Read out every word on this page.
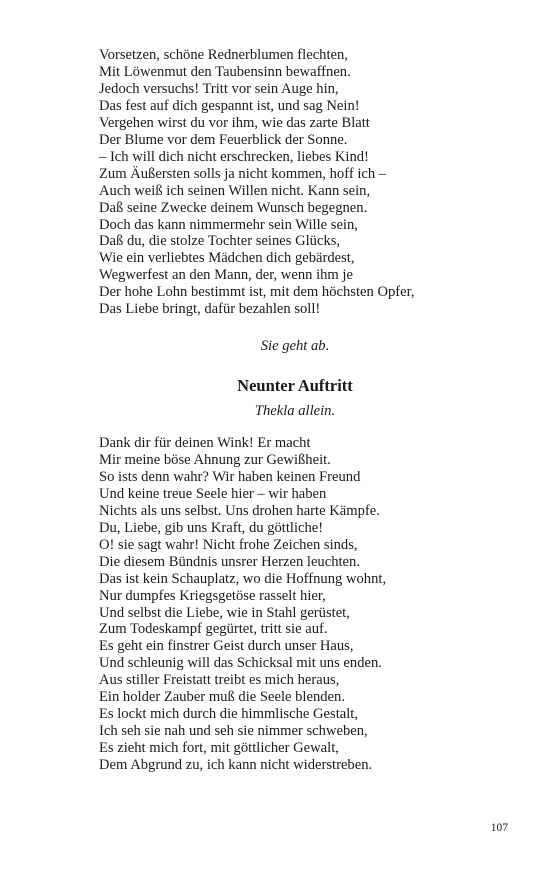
Vorsetzen, schöne Rednerblumen flechten,
Mit Löwenmut den Taubensinn bewaffnen.
Jedoch versuchs! Tritt vor sein Auge hin,
Das fest auf dich gespannt ist, und sag Nein!
Vergehen wirst du vor ihm, wie das zarte Blatt
Der Blume vor dem Feuerblick der Sonne.
– Ich will dich nicht erschrecken, liebes Kind!
Zum Äußersten solls ja nicht kommen, hoff ich –
Auch weiß ich seinen Willen nicht. Kann sein,
Daß seine Zwecke deinem Wunsch begegnen.
Doch das kann nimmermehr sein Wille sein,
Daß du, die stolze Tochter seines Glücks,
Wie ein verliebtes Mädchen dich gebärdest,
Wegwerfest an den Mann, der, wenn ihm je
Der hohe Lohn bestimmt ist, mit dem höchsten Opfer,
Das Liebe bringt, dafür bezahlen soll!

Sie geht ab.

Neunter Auftritt

Thekla allein.

Dank dir für deinen Wink! Er macht
Mir meine böse Ahnung zur Gewißheit.
So ists denn wahr? Wir haben keinen Freund
Und keine treue Seele hier – wir haben
Nichts als uns selbst. Uns drohen harte Kämpfe.
Du, Liebe, gib uns Kraft, du göttliche!
O! sie sagt wahr! Nicht frohe Zeichen sinds,
Die diesem Bündnis unsrer Herzen leuchten.
Das ist kein Schauplatz, wo die Hoffnung wohnt,
Nur dumpfes Kriegsgetöse rasselt hier,
Und selbst die Liebe, wie in Stahl gerüstet,
Zum Todeskampf gegürtet, tritt sie auf.
Es geht ein finstrer Geist durch unser Haus,
Und schleunig will das Schicksal mit uns enden.
Aus stiller Freistatt treibt es mich heraus,
Ein holder Zauber muß die Seele blenden.
Es lockt mich durch die himmlische Gestalt,
Ich seh sie nah und seh sie nimmer schweben,
Es zieht mich fort, mit göttlicher Gewalt,
Dem Abgrund zu, ich kann nicht widerstreben.
107
